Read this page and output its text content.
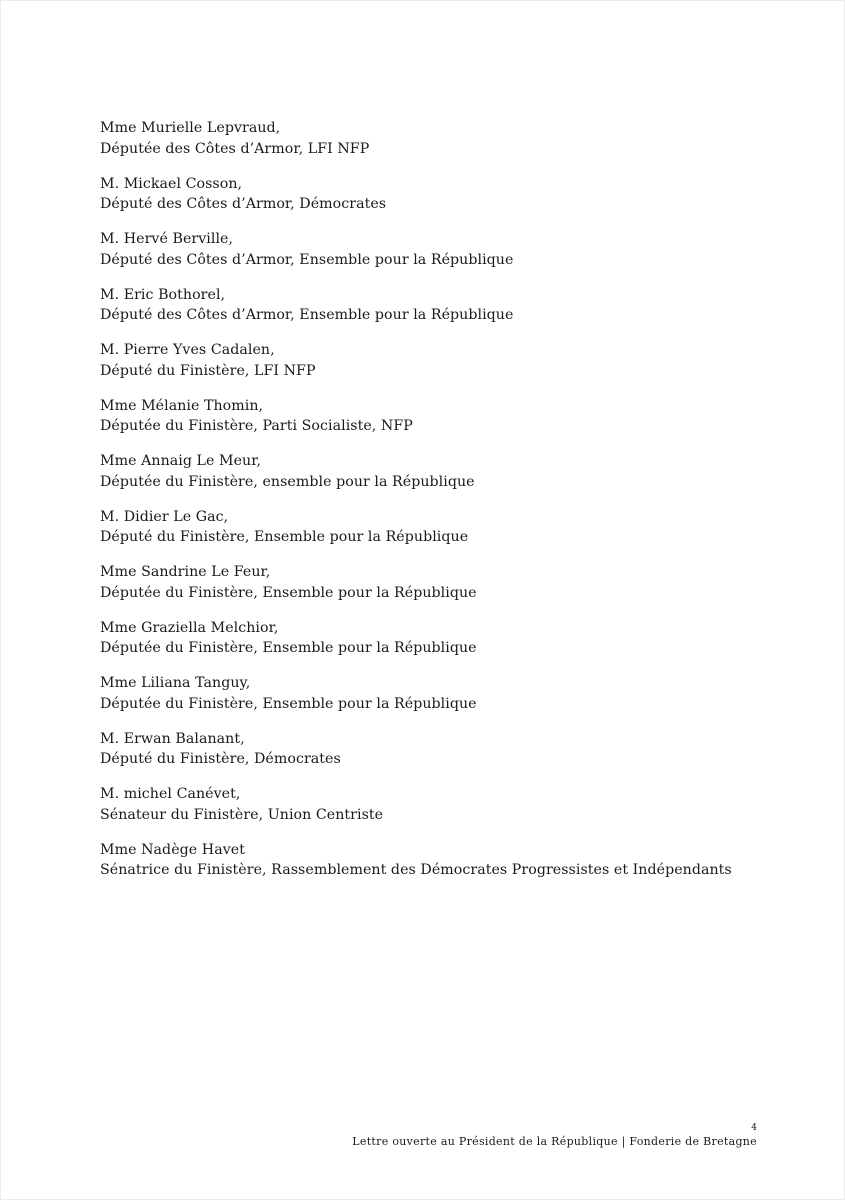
Mme Murielle Lepvraud,
Députée des Côtes d’Armor, LFI NFP
M. Mickael Cosson,
Député des Côtes d’Armor, Démocrates
M. Hervé Berville,
Député des Côtes d’Armor, Ensemble pour la République
M. Eric Bothorel,
Député des Côtes d’Armor, Ensemble pour la République
M. Pierre Yves Cadalen,
Député du Finistère, LFI NFP
Mme Mélanie Thomin,
Députée du Finistère, Parti Socialiste, NFP
Mme Annaig Le Meur,
Députée du Finistère, ensemble pour la République
M. Didier Le Gac,
Député du Finistère, Ensemble pour la République
Mme Sandrine Le Feur,
Députée du Finistère, Ensemble pour la République
Mme Graziella Melchior,
Députée du Finistère, Ensemble pour la République
Mme Liliana Tanguy,
Députée du Finistère, Ensemble pour la République
M. Erwan Balanant,
Député du Finistère, Démocrates
M. michel Canévet,
Sénateur du Finistère, Union Centriste
Mme Nadège Havet
Sénatrice du Finistère, Rassemblement des Démocrates Progressistes et Indépendants
4
Lettre ouverte au Président de la République | Fonderie de Bretagne
